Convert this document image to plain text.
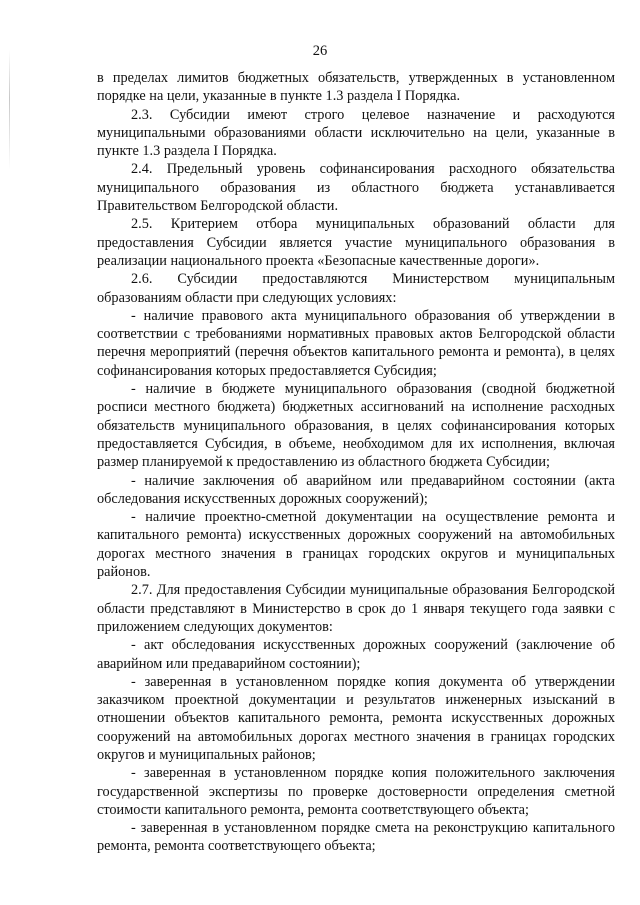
26

в пределах лимитов бюджетных обязательств, утвержденных в установленном порядке на цели, указанные в пункте 1.3 раздела I Порядка.

2.3. Субсидии имеют строго целевое назначение и расходуются муниципальными образованиями области исключительно на цели, указанные в пункте 1.3 раздела I Порядка.

2.4. Предельный уровень софинансирования расходного обязательства муниципального образования из областного бюджета устанавливается Правительством Белгородской области.

2.5. Критерием отбора муниципальных образований области для предоставления Субсидии является участие муниципального образования в реализации национального проекта «Безопасные качественные дороги».

2.6. Субсидии предоставляются Министерством муниципальным образованиям области при следующих условиях:

- наличие правового акта муниципального образования об утверждении в соответствии с требованиями нормативных правовых актов Белгородской области перечня мероприятий (перечня объектов капитального ремонта и ремонта), в целях софинансирования которых предоставляется Субсидия;

- наличие в бюджете муниципального образования (сводной бюджетной росписи местного бюджета) бюджетных ассигнований на исполнение расходных обязательств муниципального образования, в целях софинансирования которых предоставляется Субсидия, в объеме, необходимом для их исполнения, включая размер планируемой к предоставлению из областного бюджета Субсидии;

- наличие заключения об аварийном или предаварийном состоянии (акта обследования искусственных дорожных сооружений);

- наличие проектно-сметной документации на осуществление ремонта и капитального ремонта) искусственных дорожных сооружений на автомобильных дорогах местного значения в границах городских округов и муниципальных районов.

2.7. Для предоставления Субсидии муниципальные образования Белгородской области представляют в Министерство в срок до 1 января текущего года заявки с приложением следующих документов:

- акт обследования искусственных дорожных сооружений (заключение об аварийном или предаварийном состоянии);

- заверенная в установленном порядке копия документа об утверждении заказчиком проектной документации и результатов инженерных изысканий в отношении объектов капитального ремонта, ремонта искусственных дорожных сооружений на автомобильных дорогах местного значения в границах городских округов и муниципальных районов;

- заверенная в установленном порядке копия положительного заключения государственной экспертизы по проверке достоверности определения сметной стоимости капитального ремонта, ремонта соответствующего объекта;

- заверенная в установленном порядке смета на реконструкцию капитального ремонта, ремонта соответствующего объекта;
